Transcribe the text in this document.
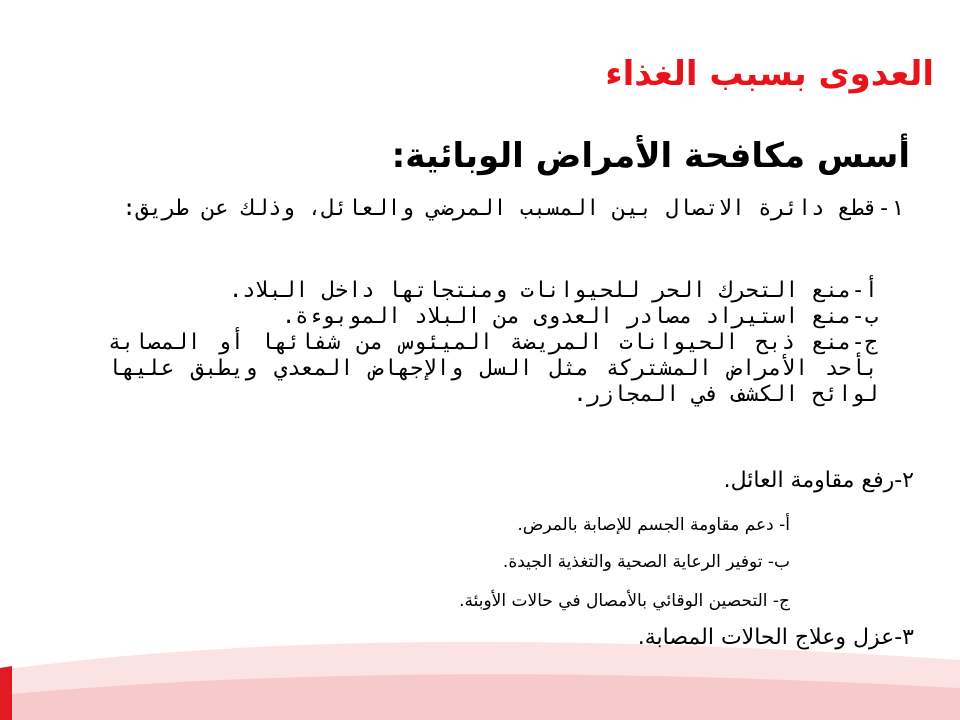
العدوى بسبب الغذاء
أسس مكافحة الأمراض الوبائية:

١-قطع دائرة الاتصال بين المسبب المرضي والعائل، وذلك عن طريق:

أ-منع التحرك الحر للحيوانات ومنتجاتها داخل البلاد.
ب-منع استيراد مصادر العدوى من البلاد الموبوءة.
ج-منع ذبح الحيوانات المريضة الميئوس من شفائها أو المصابة بأحد الأمراض المشتركة مثل السل والإجهاض المعدي ويطبق عليها لوائح الكشف في المجازر.

٢-رفع مقاومة العائل.

أ- دعم مقاومة الجسم للإصابة بالمرض.

ب- توفير الرعاية الصحية والتغذية الجيدة.

ج- التحصين الوقائي بالأمصال في حالات الأوبئة.

٣-عزل وعلاج الحالات المصابة.
